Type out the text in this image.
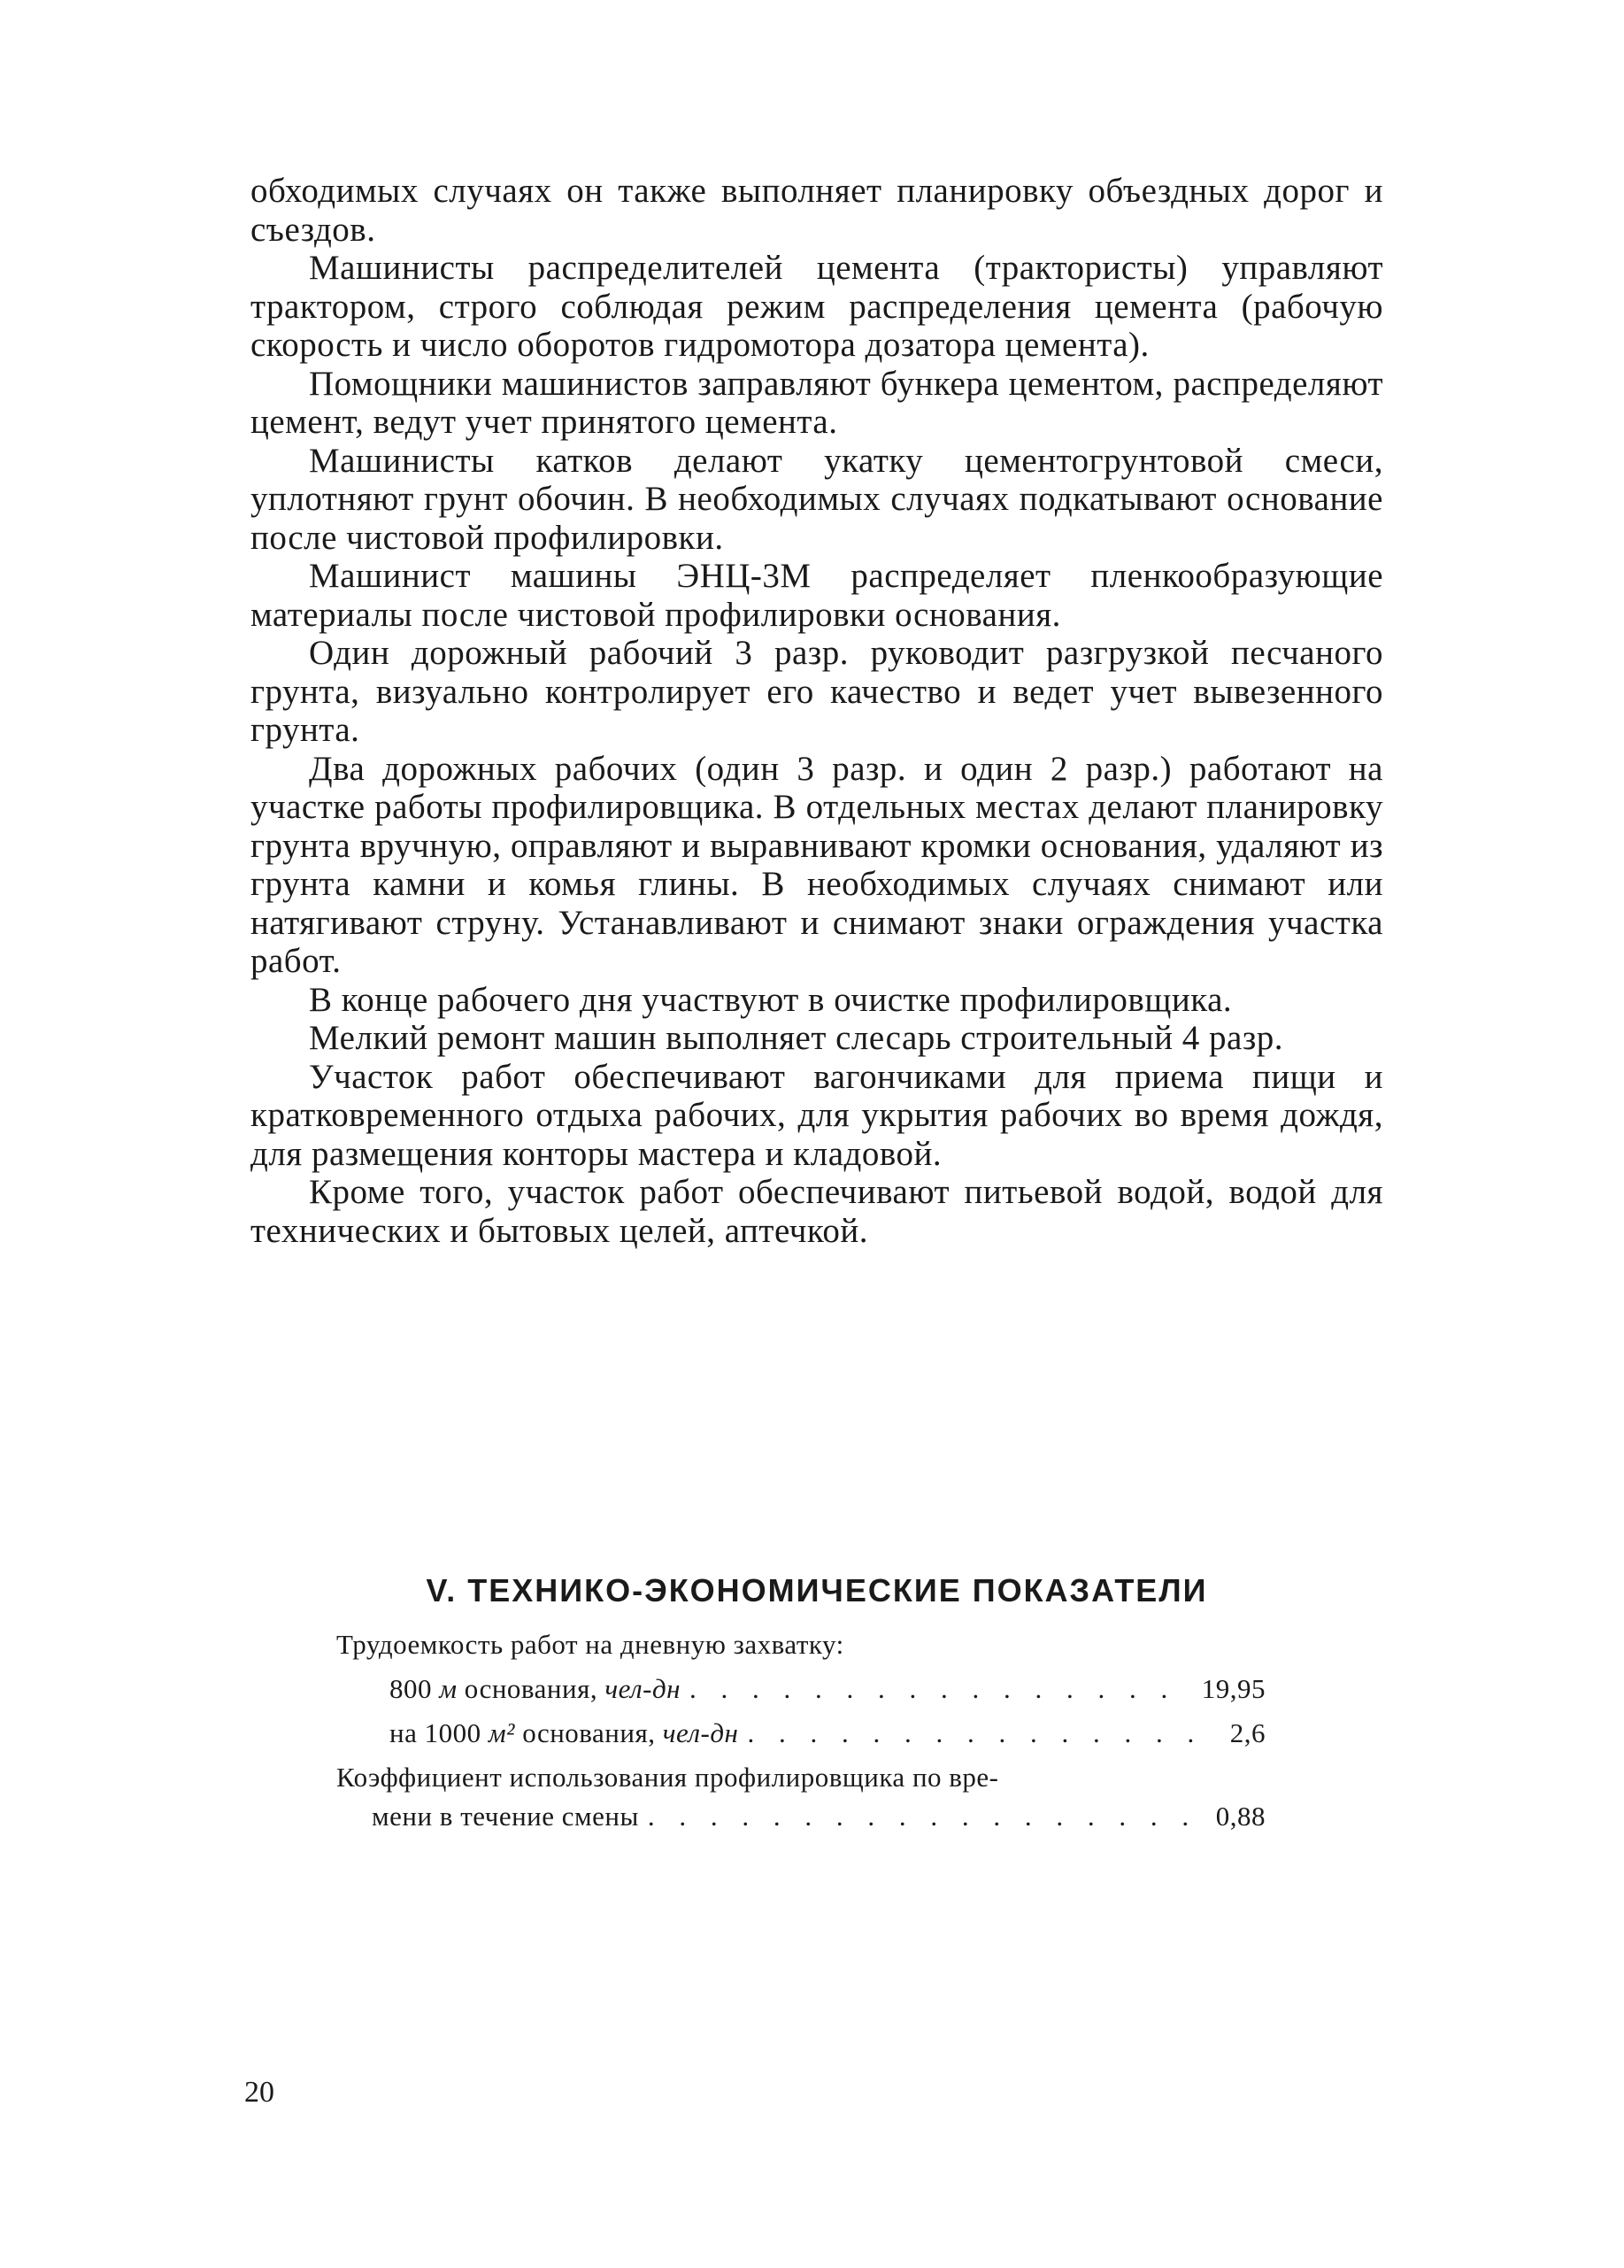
обходимых случаях он также выполняет планировку объездных дорог и съездов.

Машинисты распределителей цемента (трактористы) управляют трактором, строго соблюдая режим распределения цемента (рабочую скорость и число оборотов гидромотора дозатора цемента).

Помощники машинистов заправляют бункера цементом, распределяют цемент, ведут учет принятого цемента.

Машинисты катков делают укатку цементогрунтовой смеси, уплотняют грунт обочин. В необходимых случаях подкатывают основание после чистовой профилировки.

Машинист машины ЭНЦ-3М распределяет пленкообразующие материалы после чистовой профилировки основания.

Один дорожный рабочий 3 разр. руководит разгрузкой песчаного грунта, визуально контролирует его качество и ведет учет вывезенного грунта.

Два дорожных рабочих (один 3 разр. и один 2 разр.) работают на участке работы профилировщика. В отдельных местах делают планировку грунта вручную, оправляют и выравнивают кромки основания, удаляют из грунта камни и комья глины. В необходимых случаях снимают или натягивают струну. Устанавливают и снимают знаки ограждения участка работ.

В конце рабочего дня участвуют в очистке профилировщика.

Мелкий ремонт машин выполняет слесарь строительный 4 разр.

Участок работ обеспечивают вагончиками для приема пищи и кратковременного отдыха рабочих, для укрытия рабочих во время дождя, для размещения конторы мастера и кладовой.

Кроме того, участок работ обеспечивают питьевой водой, водой для технических и бытовых целей, аптечкой.

V. ТЕХНИКО-ЭКОНОМИЧЕСКИЕ ПОКАЗАТЕЛИ

Трудоемкость работ на дневную захватку:

800 м основания, чел-дн . . .	19,95
на 1000 м² основания, чел-дн . . .	2,6
Коэффициент использования профилировщика по вре-
мени в течение смены . . .	0,88
20
